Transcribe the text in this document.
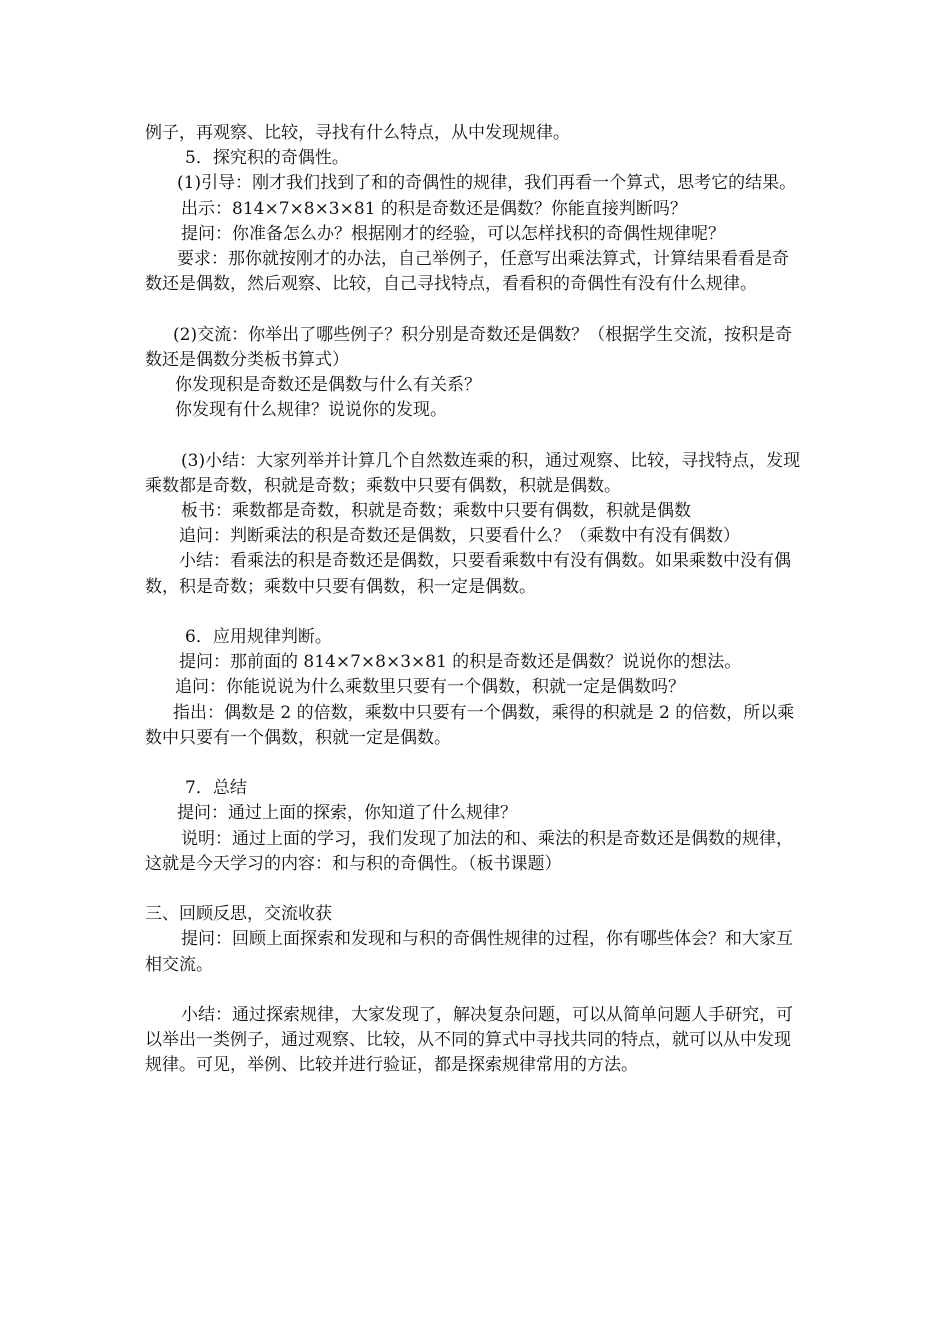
例子，再观察、比较，寻找有什么特点，从中发现规律。

5．探究积的奇偶性。

(1)引导：刚才我们找到了和的奇偶性的规律，我们再看一个算式，思考它的结果。

出示：814×7×8×3×81 的积是奇数还是偶数？你能直接判断吗？

提问：你准备怎么办？根据刚才的经验，可以怎样找积的奇偶性规律呢？

要求：那你就按刚才的办法，自己举例子，任意写出乘法算式，计算结果看看是奇数还是偶数，然后观察、比较，自己寻找特点，看看积的奇偶性有没有什么规律。

(2)交流：你举出了哪些例子？积分别是奇数还是偶数？（根据学生交流，按积是奇数还是偶数分类板书算式）

你发现积是奇数还是偶数与什么有关系？

你发现有什么规律？说说你的发现。

(3)小结：大家列举并计算几个自然数连乘的积，通过观察、比较，寻找特点，发现乘数都是奇数，积就是奇数；乘数中只要有偶数，积就是偶数。

板书：乘数都是奇数，积就是奇数；乘数中只要有偶数，积就是偶数

追问：判断乘法的积是奇数还是偶数，只要看什么？（乘数中有没有偶数）

小结：看乘法的积是奇数还是偶数，只要看乘数中有没有偶数。如果乘数中没有偶数，积是奇数；乘数中只要有偶数，积一定是偶数。

6．应用规律判断。

提问：那前面的 814×7×8×3×81 的积是奇数还是偶数？说说你的想法。

追问：你能说说为什么乘数里只要有一个偶数，积就一定是偶数吗？

指出：偶数是 2 的倍数，乘数中只要有一个偶数，乘得的积就是 2 的倍数，所以乘数中只要有一个偶数，积就一定是偶数。

7．总结

提问：通过上面的探索，你知道了什么规律？

说明：通过上面的学习，我们发现了加法的和、乘法的积是奇数还是偶数的规律，这就是今天学习的内容：和与积的奇偶性。（板书课题）

三、回顾反思，交流收获

提问：回顾上面探索和发现和与积的奇偶性规律的过程，你有哪些体会？和大家互相交流。

小结：通过探索规律，大家发现了，解决复杂问题，可以从简单问题人手研究，可以举出一类例子，通过观察、比较，从不同的算式中寻找共同的特点，就可以从中发现规律。可见，举例、比较并进行验证，都是探索规律常用的方法。
